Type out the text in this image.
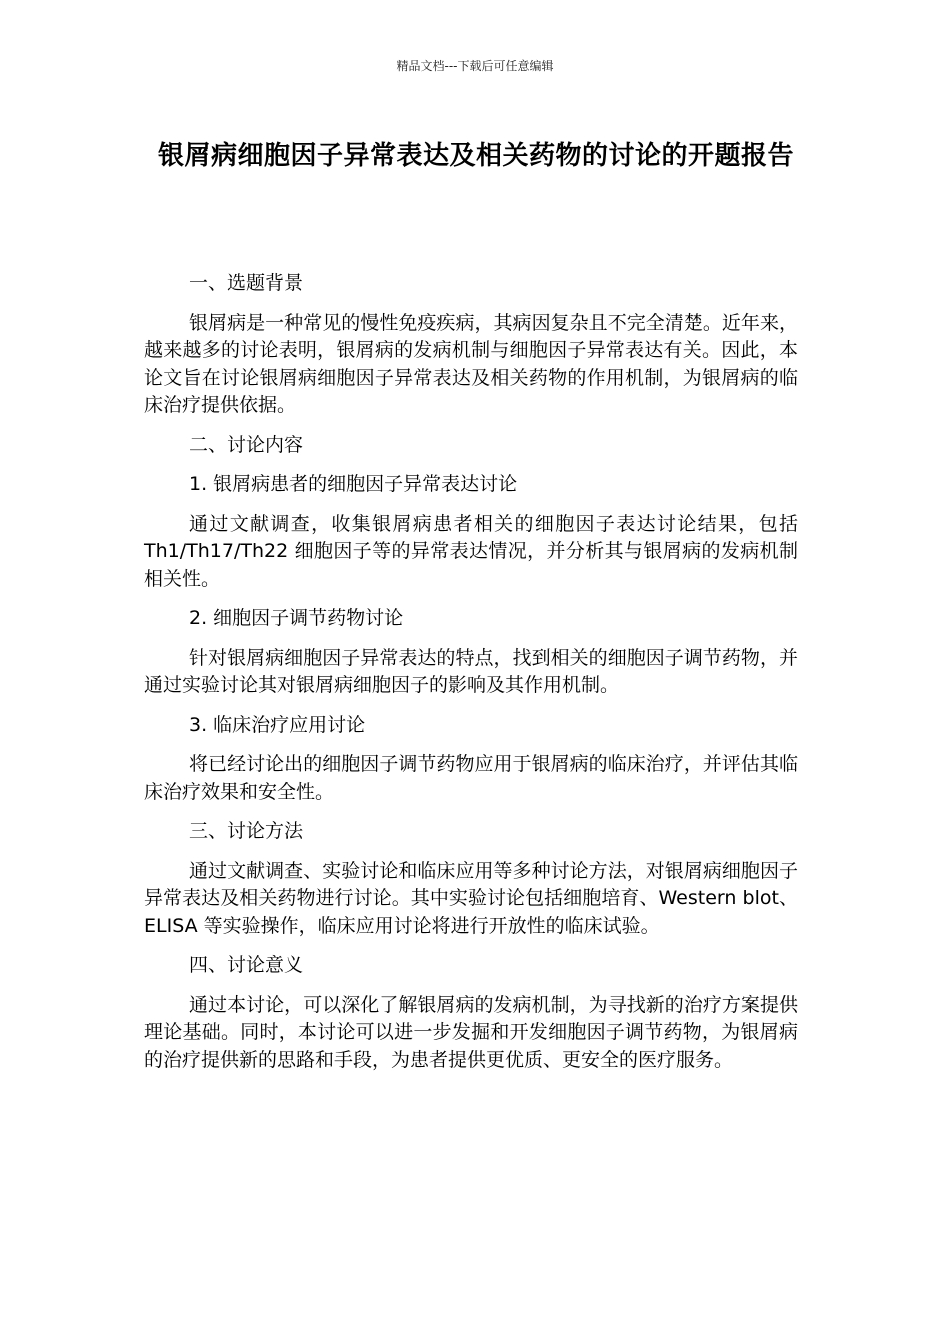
精品文档---下载后可任意编辑
银屑病细胞因子异常表达及相关药物的讨论的开题报告

一、选题背景

银屑病是一种常见的慢性免疫疾病，其病因复杂且不完全清楚。近年来，越来越多的讨论表明，银屑病的发病机制与细胞因子异常表达有关。因此，本论文旨在讨论银屑病细胞因子异常表达及相关药物的作用机制，为银屑病的临床治疗提供依据。

二、讨论内容

1. 银屑病患者的细胞因子异常表达讨论

通过文献调查，收集银屑病患者相关的细胞因子表达讨论结果，包括 Th1/Th17/Th22 细胞因子等的异常表达情况，并分析其与银屑病的发病机制相关性。

2. 细胞因子调节药物讨论

针对银屑病细胞因子异常表达的特点，找到相关的细胞因子调节药物，并通过实验讨论其对银屑病细胞因子的影响及其作用机制。

3. 临床治疗应用讨论

将已经讨论出的细胞因子调节药物应用于银屑病的临床治疗，并评估其临床治疗效果和安全性。

三、讨论方法

通过文献调查、实验讨论和临床应用等多种讨论方法，对银屑病细胞因子异常表达及相关药物进行讨论。其中实验讨论包括细胞培育、Western blot、ELISA 等实验操作，临床应用讨论将进行开放性的临床试验。

四、讨论意义

通过本讨论，可以深化了解银屑病的发病机制，为寻找新的治疗方案提供理论基础。同时，本讨论可以进一步发掘和开发细胞因子调节药物，为银屑病的治疗提供新的思路和手段，为患者提供更优质、更安全的医疗服务。
